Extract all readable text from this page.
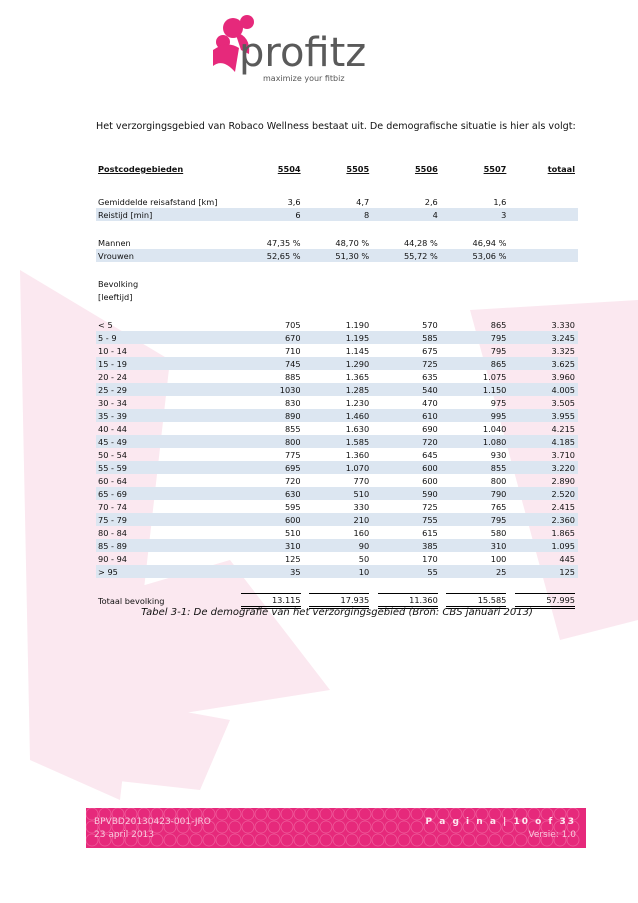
profitz
maximize your fitbiz
Het verzorgingsgebied van Robaco Wellness bestaat uit. De demografische situatie is hier als volgt:
Postcodegebieden	5504	5505	5506	5507	totaal

Gemiddelde reisafstand [km]	3,6	4,7	2,6	1,6	
Reistijd [min]	6	8	4	3	

Mannen	47,35 %	48,70 %	44,28 %	46,94 %	
Vrouwen	52,65 %	51,30 %	55,72 %	53,06 %	

Bevolking					
[leeftijd]					

< 5	705	1.190	570	865	3.330
5 - 9	670	1.195	585	795	3.245
10 - 14	710	1.145	675	795	3.325
15 - 19	745	1.290	725	865	3.625
20 - 24	885	1.365	635	1.075	3.960
25 - 29	1030	1.285	540	1.150	4.005
30 - 34	830	1.230	470	975	3.505
35 - 39	890	1.460	610	995	3.955
40 - 44	855	1.630	690	1.040	4.215
45 - 49	800	1.585	720	1.080	4.185
50 - 54	775	1.360	645	930	3.710
55 - 59	695	1.070	600	855	3.220
60 - 64	720	770	600	800	2.890
65 - 69	630	510	590	790	2.520
70 - 74	595	330	725	765	2.415
75 - 79	600	210	755	795	2.360
80 - 84	510	160	615	580	1.865
85 - 89	310	90	385	310	1.095
90 - 94	125	50	170	100	445
> 95	35	10	55	25	125

Totaal bevolking	13.115	17.935	11.360	15.585	57.995
Tabel 3-1: De demografie van het verzorgingsgebied (Bron: CBS januari 2013)
BPVBD20130423-001-JRO
23 april 2013
P a g i n a | 10 o f 33
Versie: 1.0
